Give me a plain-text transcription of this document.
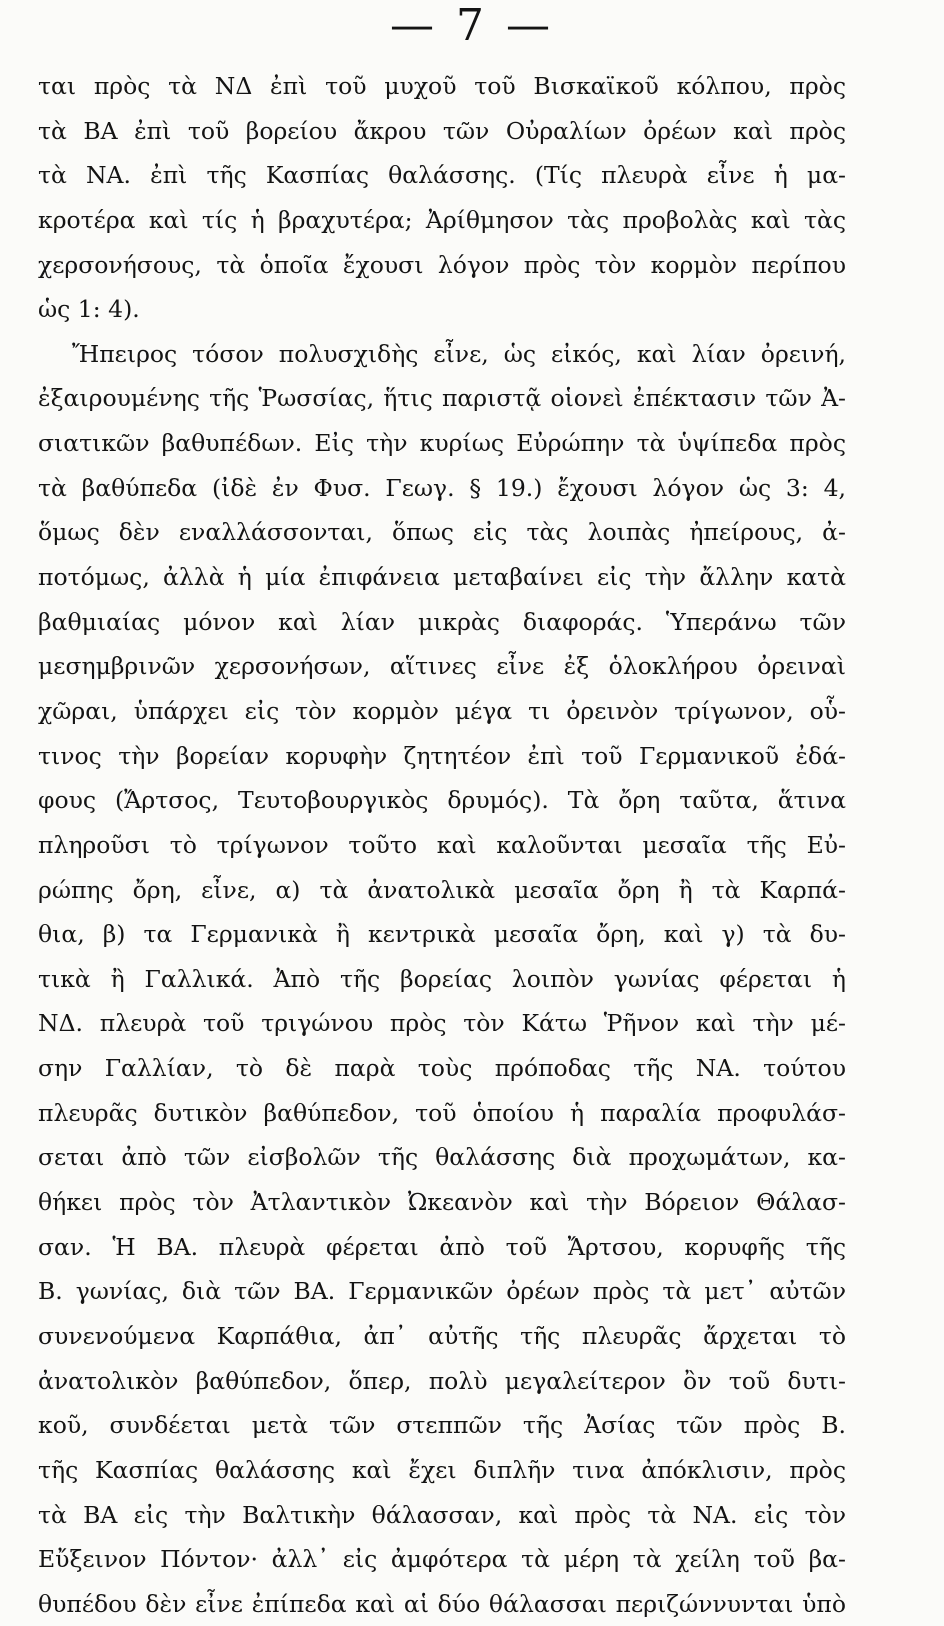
— 7 —
ται πρὸς τὰ ΝΔ ἐπὶ τοῦ μυχοῦ τοῦ Βισκαϊκοῦ κόλπου, πρὸς
τὰ ΒΑ ἐπὶ τοῦ βορείου ἄκρου τῶν Οὐραλίων ὀρέων καὶ πρὸς
τὰ ΝΑ. ἐπὶ τῆς Κασπίας θαλάσσης. (Τίς πλευρὰ εἶνε ἡ μα-
κροτέρα καὶ τίς ἡ βραχυτέρα; Ἀρίθμησον τὰς προβολὰς καὶ τὰς
χερσονήσους, τὰ ὁποῖα ἔχουσι λόγον πρὸς τὸν κορμὸν περίπου
ὡς 1: 4).
Ἤπειρος τόσον πολυσχιδὴς εἶνε, ὡς εἰκός, καὶ λίαν ὀρεινή,
ἐξαιρουμένης τῆς Ῥωσσίας, ἥτις παριστᾷ οἱονεὶ ἐπέκτασιν τῶν Ἀ-
σιατικῶν βαθυπέδων. Εἰς τὴν κυρίως Εὐρώπην τὰ ὑψίπεδα πρὸς
τὰ βαθύπεδα (ἰδὲ ἐν Φυσ. Γεωγ. § 19.) ἔχουσι λόγον ὡς 3: 4,
ὅμως δὲν εναλλάσσονται, ὅπως εἰς τὰς λοιπὰς ἠπείρους, ἀ-
ποτόμως, ἀλλὰ ἡ μία ἐπιφάνεια μεταβαίνει εἰς τὴν ἄλλην κατὰ
βαθμιαίας μόνον καὶ λίαν μικρὰς διαφοράς. Ὑπεράνω τῶν
μεσημβρινῶν χερσονήσων, αἵτινες εἶνε ἐξ ὁλοκλήρου ὀρειναὶ
χῶραι, ὑπάρχει εἰς τὸν κορμὸν μέγα τι ὀρεινὸν τρίγωνον, οὗ-
τινος τὴν βορείαν κορυφὴν ζητητέον ἐπὶ τοῦ Γερμανικοῦ ἐδά-
φους (Ἄρτσος, Τευτοβουργικὸς δρυμός). Τὰ ὄρη ταῦτα, ἅτινα
πληροῦσι τὸ τρίγωνον τοῦτο καὶ καλοῦνται μεσαῖα τῆς Εὐ-
ρώπης ὄρη, εἶνε, α) τὰ ἀνατολικὰ μεσαῖα ὄρη ἢ τὰ Καρπά-
θια, β) τα Γερμανικὰ ἢ κεντρικὰ μεσαῖα ὄρη, καὶ γ) τὰ δυ-
τικὰ ἢ Γαλλικά. Ἀπὸ τῆς βορείας λοιπὸν γωνίας φέρεται ἡ
ΝΔ. πλευρὰ τοῦ τριγώνου πρὸς τὸν Κάτω Ῥῆνον καὶ τὴν μέ-
σην Γαλλίαν, τὸ δὲ παρὰ τοὺς πρόποδας τῆς ΝΑ. τούτου
πλευρᾶς δυτικὸν βαθύπεδον, τοῦ ὁποίου ἡ παραλία προφυλάσ-
σεται ἀπὸ τῶν εἰσβολῶν τῆς θαλάσσης διὰ προχωμάτων, κα-
θήκει πρὸς τὸν Ἀτλαντικὸν Ὠκεανὸν καὶ τὴν Βόρειον Θάλασ-
σαν. Ἡ ΒΑ. πλευρὰ φέρεται ἀπὸ τοῦ Ἄρτσου, κορυφῆς τῆς
Β. γωνίας, διὰ τῶν ΒΑ. Γερμανικῶν ὀρέων πρὸς τὰ μετ᾽ αὐτῶν
συνενούμενα Καρπάθια, ἀπ᾽ αὐτῆς τῆς πλευρᾶς ἄρχεται τὸ
ἀνατολικὸν βαθύπεδον, ὅπερ, πολὺ μεγαλείτερον ὂν τοῦ δυτι-
κοῦ, συνδέεται μετὰ τῶν στεππῶν τῆς Ἀσίας τῶν πρὸς Β.
τῆς Κασπίας θαλάσσης καὶ ἔχει διπλῆν τινα ἀπόκλισιν, πρὸς
τὰ ΒΑ εἰς τὴν Βαλτικὴν θάλασσαν, καὶ πρὸς τὰ ΝΑ. εἰς τὸν
Εὔξεινον Πόντον· ἀλλ᾽ εἰς ἀμφότερα τὰ μέρη τὰ χείλη τοῦ βα-
θυπέδου δὲν εἶνε ἐπίπεδα καὶ αἱ δύο θάλασσαι περιζώννυνται ὑπὸ
